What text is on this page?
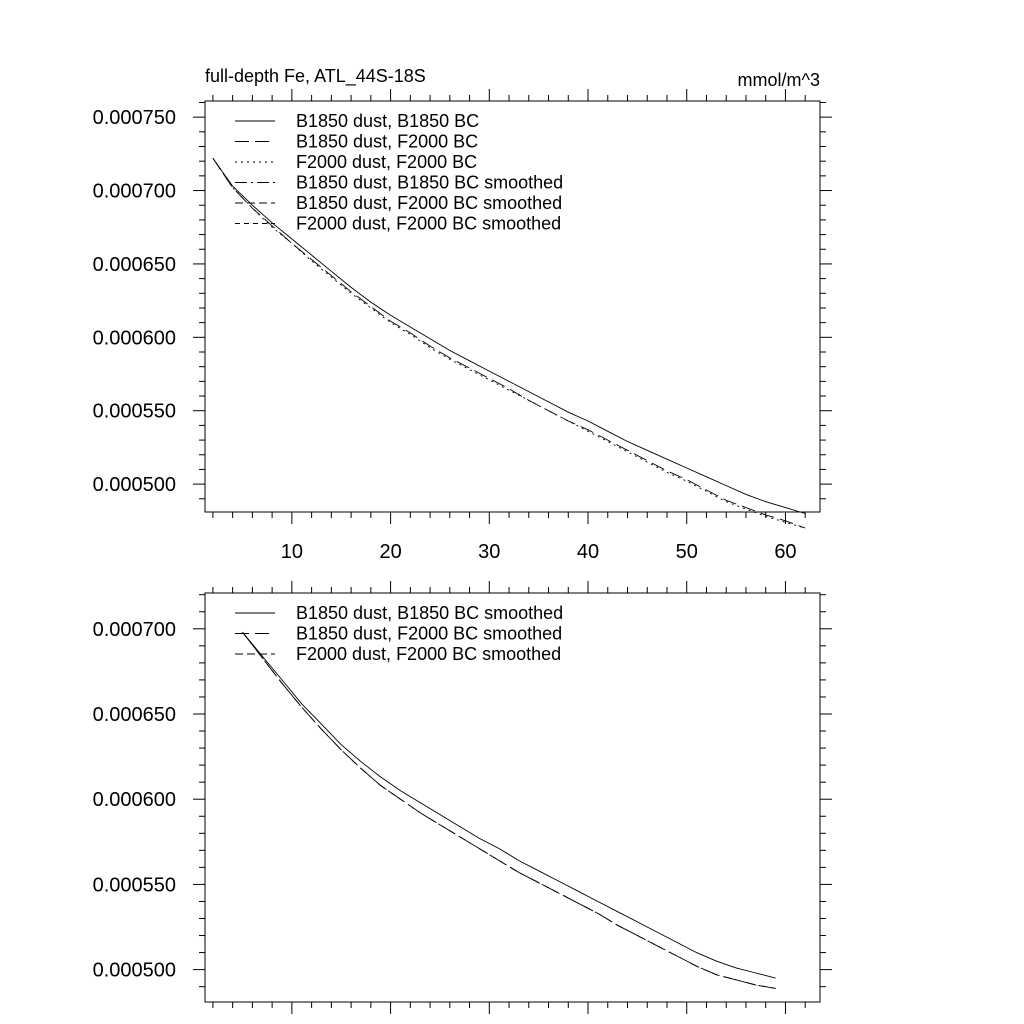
10	20	30	40	50	60
0.000500
0.000550
0.000600
0.000650
0.000700
0.000750
full-depth Fe, ATL_44S-18S	mmol/m^3
B1850 dust, B1850 BC
B1850 dust, F2000 BC
F2000 dust, F2000 BC
B1850 dust, B1850 BC smoothed
B1850 dust, F2000 BC smoothed
F2000 dust, F2000 BC smoothed
0.000500
0.000550
0.000600
0.000650
0.000700
B1850 dust, B1850 BC smoothed
B1850 dust, F2000 BC smoothed
F2000 dust, F2000 BC smoothed
